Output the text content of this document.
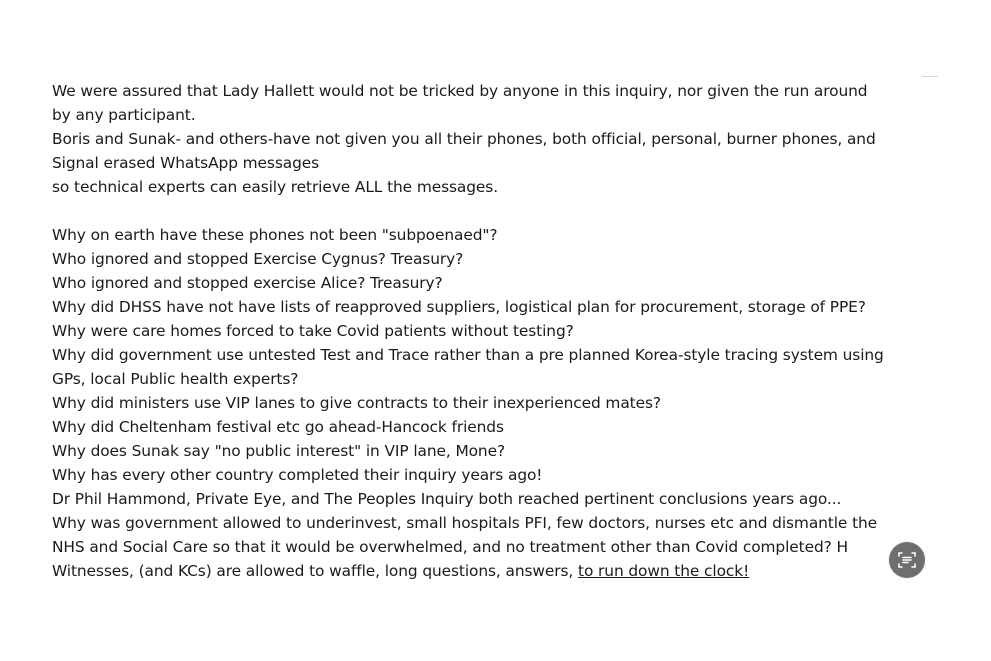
We were assured that Lady Hallett would not be tricked by anyone in this inquiry, nor given the run around

by any participant.

Boris and Sunak- and others-have not given you all their phones, both official, personal, burner phones, and

Signal erased WhatsApp messages

so technical experts can easily retrieve ALL the messages.

Why on earth have these phones not been "subpoenaed"?

Who ignored and stopped Exercise Cygnus? Treasury?

Who ignored and stopped exercise Alice? Treasury?

Why did DHSS have not have lists of reapproved suppliers, logistical plan for procurement, storage of PPE?

Why were care homes forced to take Covid patients without testing?

Why did government use untested Test and Trace rather than a pre planned Korea-style tracing system using

GPs, local Public health experts?

Why did ministers use VIP lanes to give contracts to their inexperienced mates?

Why did Cheltenham festival etc go ahead-Hancock friends

Why does Sunak say "no public interest" in VIP lane, Mone?

Why has every other country completed their inquiry years ago!

Dr Phil Hammond, Private Eye, and The Peoples Inquiry both reached pertinent conclusions years ago...

Why was government allowed to underinvest, small hospitals PFI, few doctors, nurses etc and dismantle the

NHS and Social Care so that it would be overwhelmed, and no treatment other than Covid completed? H

Witnesses, (and KCs) are allowed to waffle, long questions, answers, to run down the clock!
